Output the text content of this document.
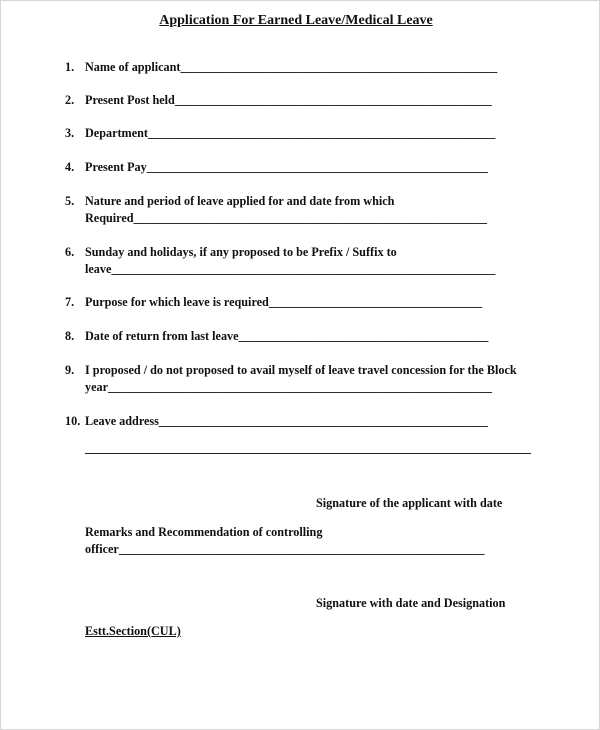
Application For Earned Leave/Medical Leave
1. Name of applicant____________________________________________________
2. Present Post held____________________________________________________
3. Department_________________________________________________________
4. Present Pay________________________________________________________
5. Nature and period of leave applied for and date from which
Required__________________________________________________________
6. Sunday and holidays, if any proposed to be Prefix / Suffix to
leave_______________________________________________________________
7. Purpose for which leave is required___________________________________
8. Date of return from last leave_________________________________________
9. I proposed / do not proposed to avail myself of leave travel concession for the Block
year_______________________________________________________________
10. Leave address______________________________________________________
Signature of the applicant with date
Remarks and Recommendation of controlling
officer____________________________________________________________
Signature with date and Designation
Estt.Section(CUL)
